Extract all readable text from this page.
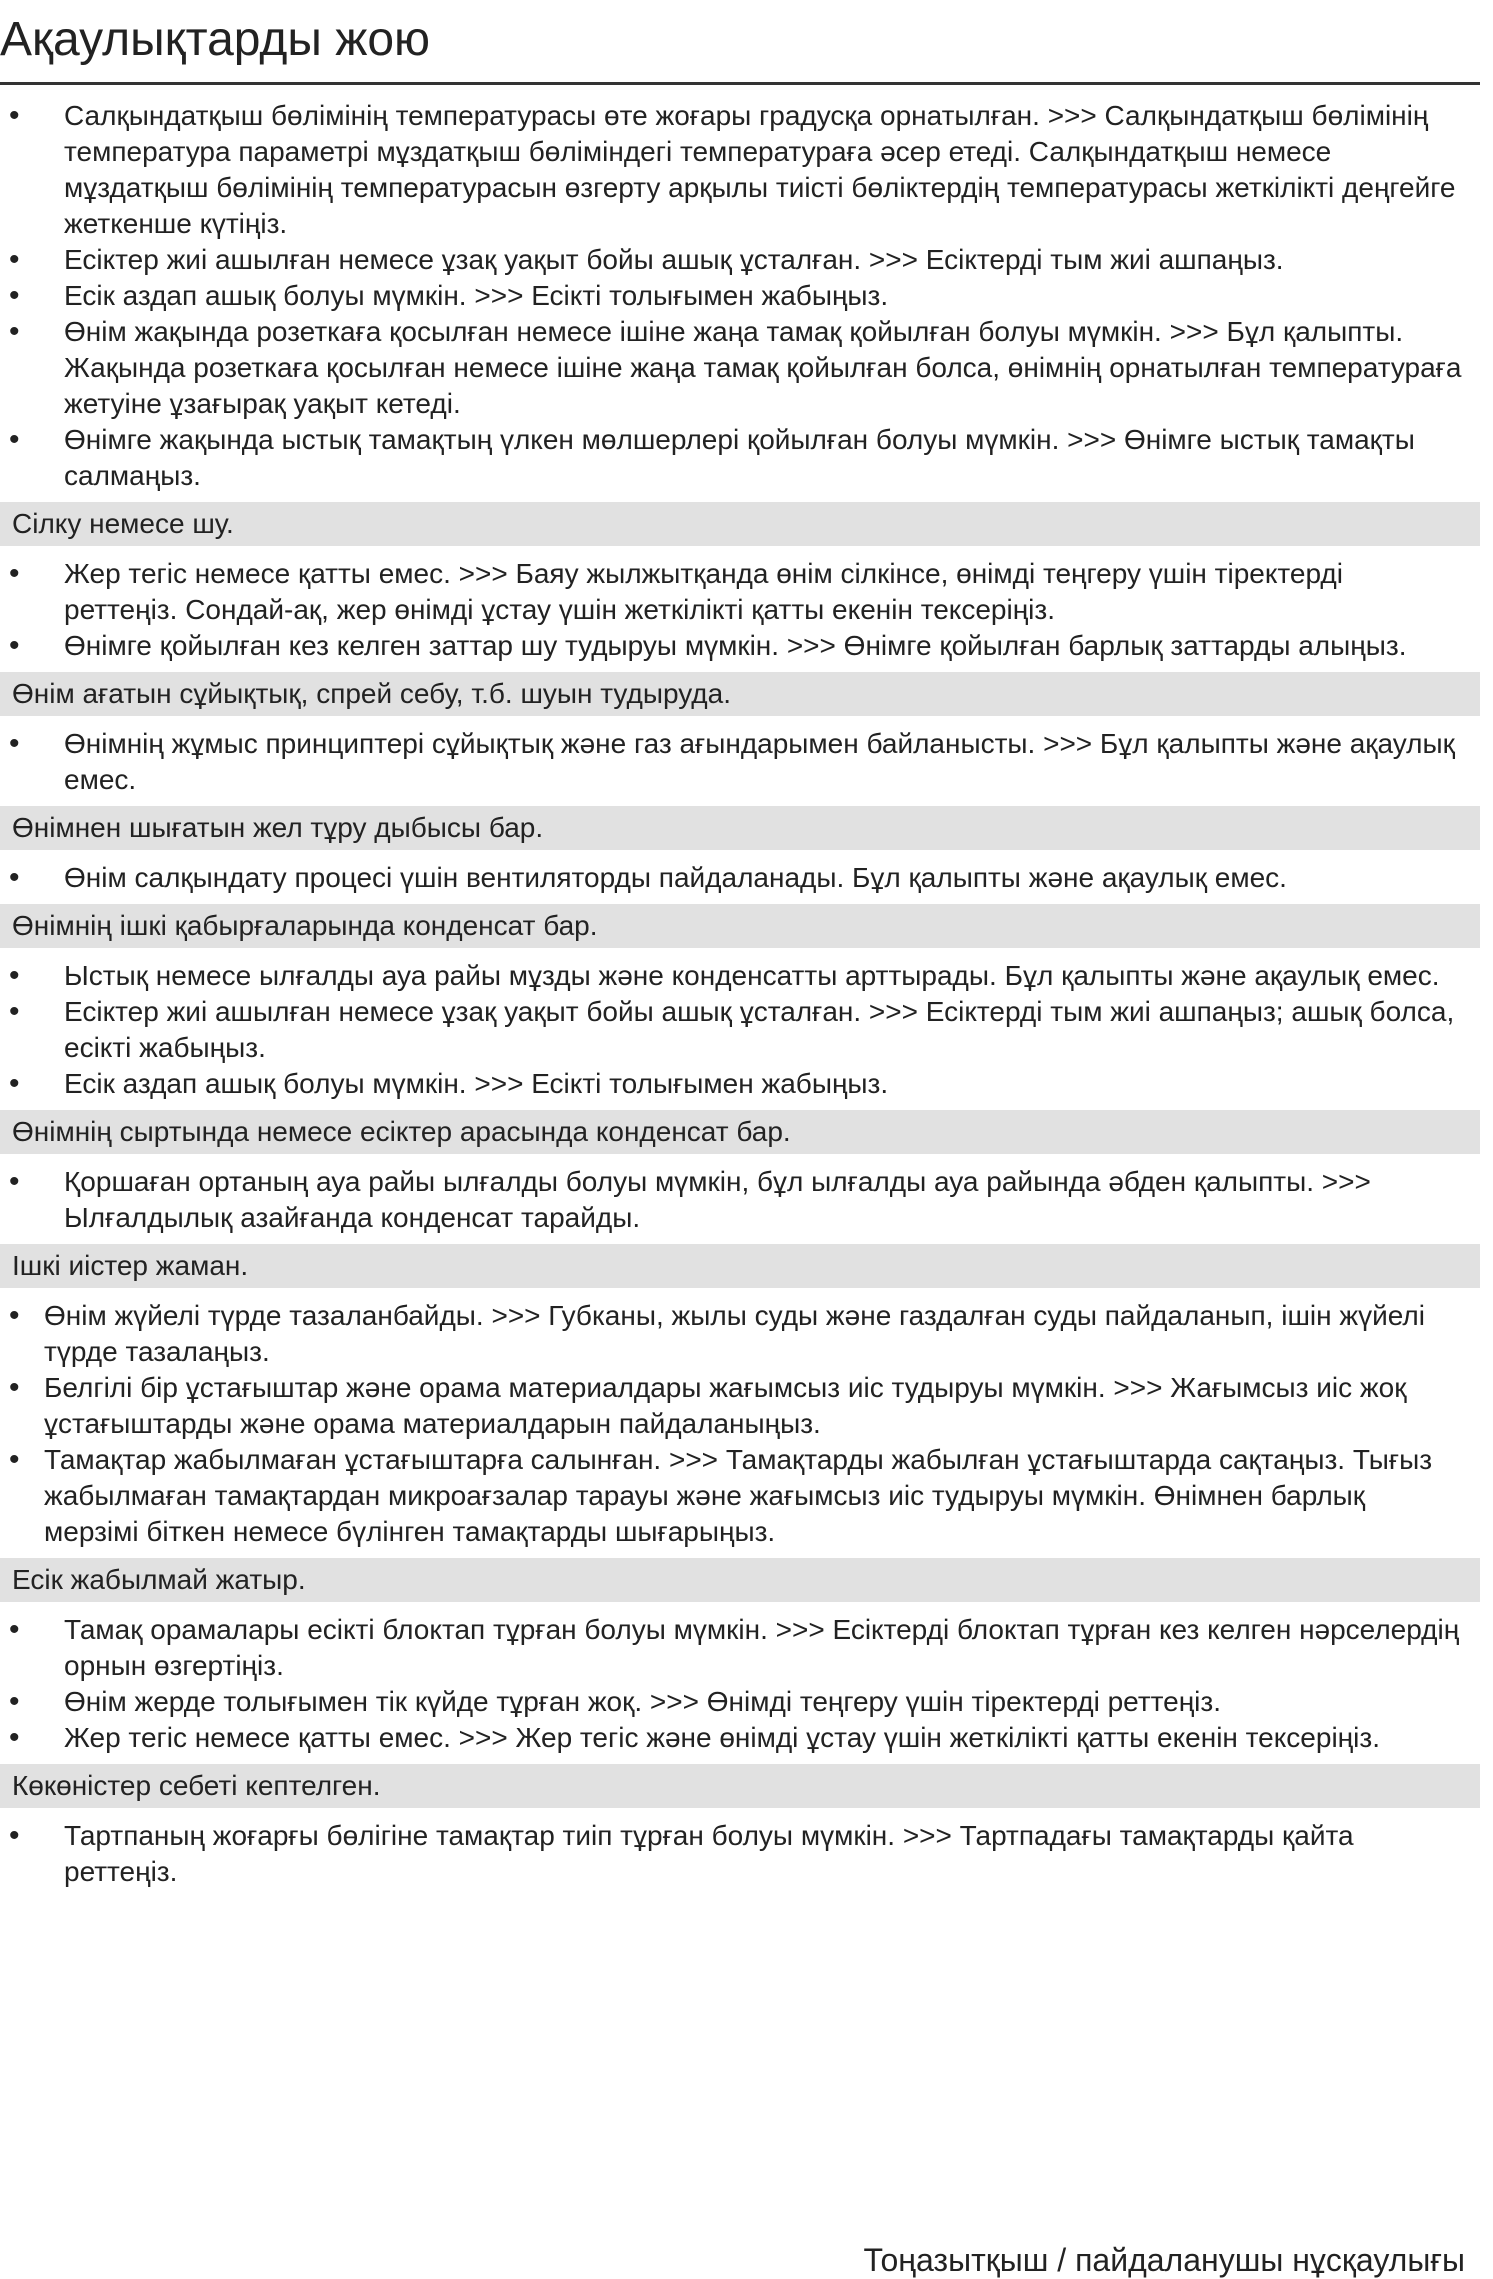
Ақаулықтарды жою
• Салқындатқыш бөлімінің температурасы өте жоғары градусқа орнатылған. >>> Салқындатқыш бөлімінің температура параметрі мұздатқыш бөліміндегі температураға әсер етеді. Салқындатқыш немесе мұздатқыш бөлімінің температурасын өзгерту арқылы тиісті бөліктердің температурасы жеткілікті деңгейге жеткенше күтіңіз.
• Есіктер жиі ашылған немесе ұзақ уақыт бойы ашық ұсталған. >>> Есіктерді тым жиі ашпаңыз.
• Есік аздап ашық болуы мүмкін. >>> Есікті толығымен жабыңыз.
• Өнім жақында розеткаға қосылған немесе ішіне жаңа тамақ қойылған болуы мүмкін. >>> Бұл қалыпты. Жақында розеткаға қосылған немесе ішіне жаңа тамақ қойылған болса, өнімнің орнатылған температураға жетуіне ұзағырақ уақыт кетеді.
• Өнімге жақында ыстық тамақтың үлкен мөлшерлері қойылған болуы мүмкін. >>> Өнімге ыстық тамақты салмаңыз.
Сілку немесе шу.
• Жер тегіс немесе қатты емес. >>> Баяу жылжытқанда өнім сілкінсе, өнімді теңгеру үшін тіректерді реттеңіз. Сондай-ақ, жер өнімді ұстау үшін жеткілікті қатты екенін тексеріңіз.
• Өнімге қойылған кез келген заттар шу тудыруы мүмкін. >>> Өнімге қойылған барлық заттарды алыңыз.
Өнім ағатын сұйықтық, спрей себу, т.б. шуын тудыруда.
• Өнімнің жұмыс принциптері сұйықтық және газ ағындарымен байланысты. >>> Бұл қалыпты және ақаулық емес.
Өнімнен шығатын жел тұру дыбысы бар.
• Өнім салқындату процесі үшін вентиляторды пайдаланады. Бұл қалыпты және ақаулық емес.
Өнімнің ішкі қабырғаларында конденсат бар.
• Ыстық немесе ылғалды ауа райы мұзды және конденсатты арттырады. Бұл қалыпты және ақаулық емес.
• Есіктер жиі ашылған немесе ұзақ уақыт бойы ашық ұсталған. >>> Есіктерді тым жиі ашпаңыз; ашық болса, есікті жабыңыз.
• Есік аздап ашық болуы мүмкін. >>> Есікті толығымен жабыңыз.
Өнімнің сыртында немесе есіктер арасында конденсат бар.
• Қоршаған ортаның ауа райы ылғалды болуы мүмкін, бұл ылғалды ауа райында әбден қалыпты. >>> Ылғалдылық азайғанда конденсат тарайды.
Ішкі иістер жаман.
• Өнім жүйелі түрде тазаланбайды. >>> Губканы, жылы суды және газдалған суды пайдаланып, ішін жүйелі түрде тазалаңыз.
• Белгілі бір ұстағыштар және орама материалдары жағымсыз иіс тудыруы мүмкін. >>> Жағымсыз иіс жоқ ұстағыштарды және орама материалдарын пайдаланыңыз.
• Тамақтар жабылмаған ұстағыштарға салынған. >>> Тамақтарды жабылған ұстағыштарда сақтаңыз. Тығыз жабылмаған тамақтардан микроағзалар тарауы және жағымсыз иіс тудыруы мүмкін. Өнімнен барлық мерзімі біткен немесе бүлінген тамақтарды шығарыңыз.
Есік жабылмай жатыр.
• Тамақ орамалары есікті блоктап тұрған болуы мүмкін. >>> Есіктерді блоктап тұрған кез келген нәрселердің орнын өзгертіңіз.
• Өнім жерде толығымен тік күйде тұрған жоқ. >>> Өнімді теңгеру үшін тіректерді реттеңіз.
• Жер тегіс немесе қатты емес. >>> Жер тегіс және өнімді ұстау үшін жеткілікті қатты екенін тексеріңіз.
Көкөністер себеті кептелген.
• Тартпаның жоғарғы бөлігіне тамақтар тиіп тұрған болуы мүмкін. >>> Тартпадағы тамақтарды қайта реттеңіз.
Тоңазытқыш / пайдаланушы нұсқаулығы
